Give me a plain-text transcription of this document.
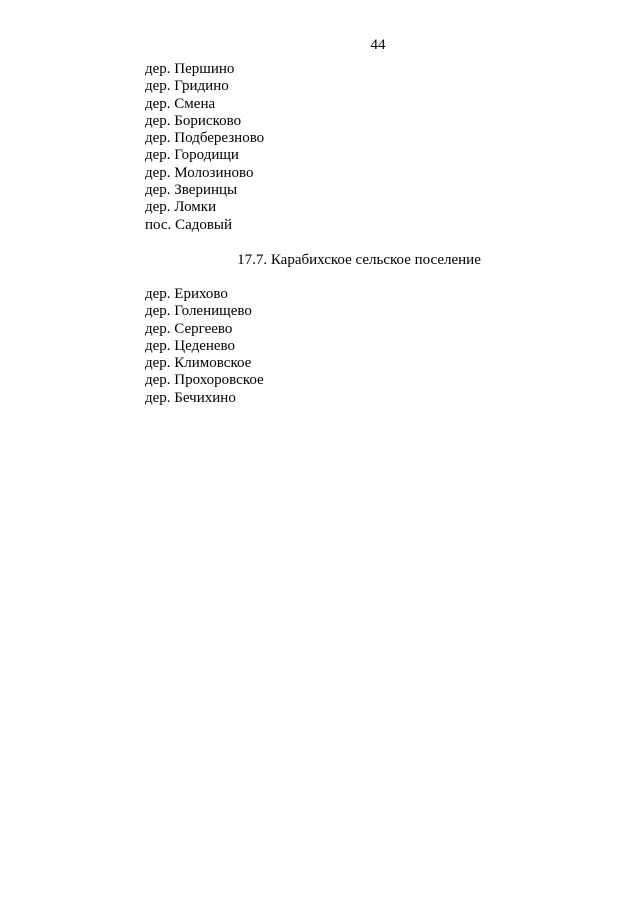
44
дер. Першино
дер. Гридино
дер. Смена
дер. Борисково
дер. Подберезново
дер. Городищи
дер. Молозиново
дер. Зверинцы
дер. Ломки
пос. Садовый
17.7. Карабихское сельское поселение
дер. Ерихово
дер. Голенищево
дер. Сергеево
дер. Цеденево
дер. Климовское
дер. Прохоровское
дер. Бечихино
